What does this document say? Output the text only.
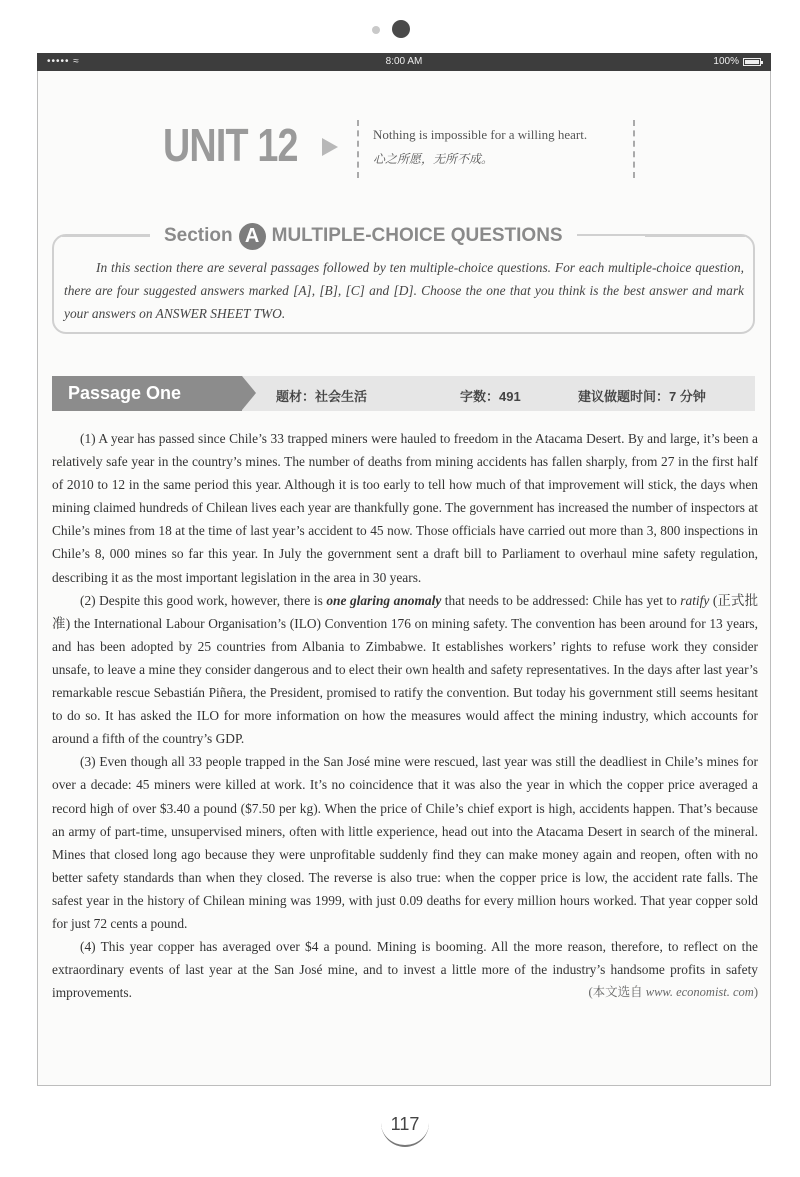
••••• ≈	8:00 AM	100%
UNIT 12	Nothing is impossible for a willing heart.
心之所愿，无所不成。
Section A MULTIPLE-CHOICE QUESTIONS
In this section there are several passages followed by ten multiple-choice questions. For each multiple-choice question, there are four suggested answers marked [A], [B], [C] and [D]. Choose the one that you think is the best answer and mark your answers on ANSWER SHEET TWO.
Passage One	题材：社会生活	字数：491	建议做题时间：7 分钟

(1) A year has passed since Chile’s 33 trapped miners were hauled to freedom in the Atacama Desert. By and large, it’s been a relatively safe year in the country’s mines. The number of deaths from mining accidents has fallen sharply, from 27 in the first half of 2010 to 12 in the same period this year. Although it is too early to tell how much of that improvement will stick, the days when mining claimed hundreds of Chilean lives each year are thankfully gone. The government has increased the number of inspectors at Chile’s mines from 18 at the time of last year’s accident to 45 now. Those officials have carried out more than 3, 800 inspections in Chile’s 8, 000 mines so far this year. In July the government sent a draft bill to Parliament to overhaul mine safety regulation, describing it as the most important legislation in the area in 30 years.

(2) Despite this good work, however, there is one glaring anomaly that needs to be addressed: Chile has yet to ratify (正式批准) the International Labour Organisation’s (ILO) Convention 176 on mining safety. The convention has been around for 13 years, and has been adopted by 25 countries from Albania to Zimbabwe. It establishes workers’ rights to refuse work they consider unsafe, to leave a mine they consider dangerous and to elect their own health and safety representatives. In the days after last year’s remarkable rescue Sebastián Piñera, the President, promised to ratify the convention. But today his government still seems hesitant to do so. It has asked the ILO for more information on how the measures would affect the mining industry, which accounts for around a fifth of the country’s GDP.

(3) Even though all 33 people trapped in the San José mine were rescued, last year was still the deadliest in Chile’s mines for over a decade: 45 miners were killed at work. It’s no coincidence that it was also the year in which the copper price averaged a record high of over $3.40 a pound ($7.50 per kg). When the price of Chile’s chief export is high, accidents happen. That’s because an army of part-time, unsupervised miners, often with little experience, head out into the Atacama Desert in search of the mineral. Mines that closed long ago because they were unprofitable suddenly find they can make money again and reopen, often with no better safety standards than when they closed. The reverse is also true: when the copper price is low, the accident rate falls. The safest year in the history of Chilean mining was 1999, with just 0.09 deaths for every million hours worked. That year copper sold for just 72 cents a pound.

(4) This year copper has averaged over $4 a pound. Mining is booming. All the more reason, therefore, to reflect on the extraordinary events of last year at the San José mine, and to invest a little more of the industry’s handsome profits in safety improvements.	(本文选自 www. economist. com)

117
